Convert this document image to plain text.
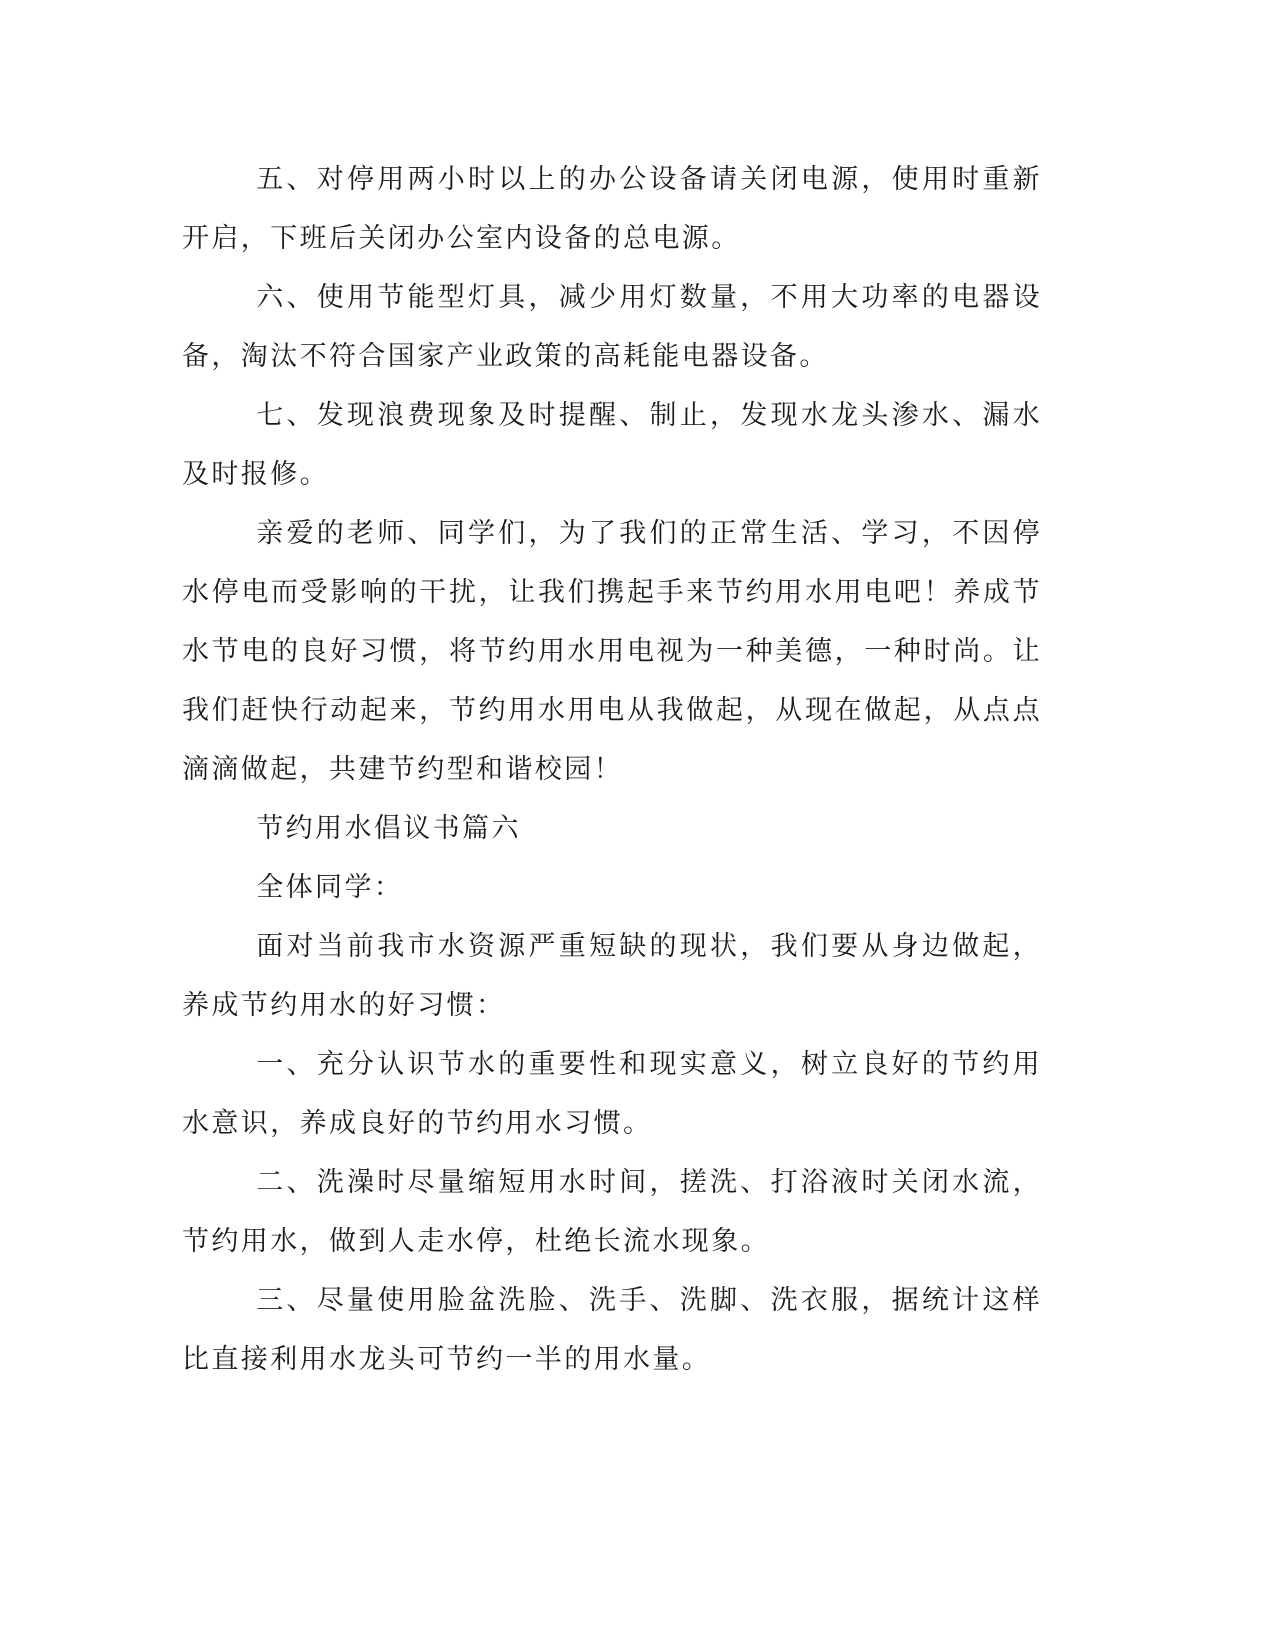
五、对停用两小时以上的办公设备请关闭电源，使用时重新开启，下班后关闭办公室内设备的总电源。

六、使用节能型灯具，减少用灯数量，不用大功率的电器设备，淘汰不符合国家产业政策的高耗能电器设备。

七、发现浪费现象及时提醒、制止，发现水龙头渗水、漏水及时报修。

亲爱的老师、同学们，为了我们的正常生活、学习，不因停水停电而受影响的干扰，让我们携起手来节约用水用电吧！养成节水节电的良好习惯，将节约用水用电视为一种美德，一种时尚。让我们赶快行动起来，节约用水用电从我做起，从现在做起，从点点滴滴做起，共建节约型和谐校园！

节约用水倡议书篇六

全体同学：

面对当前我市水资源严重短缺的现状，我们要从身边做起，养成节约用水的好习惯：

一、充分认识节水的重要性和现实意义，树立良好的节约用水意识，养成良好的节约用水习惯。

二、洗澡时尽量缩短用水时间，搓洗、打浴液时关闭水流，节约用水，做到人走水停，杜绝长流水现象。

三、尽量使用脸盆洗脸、洗手、洗脚、洗衣服，据统计这样比直接利用水龙头可节约一半的用水量。
